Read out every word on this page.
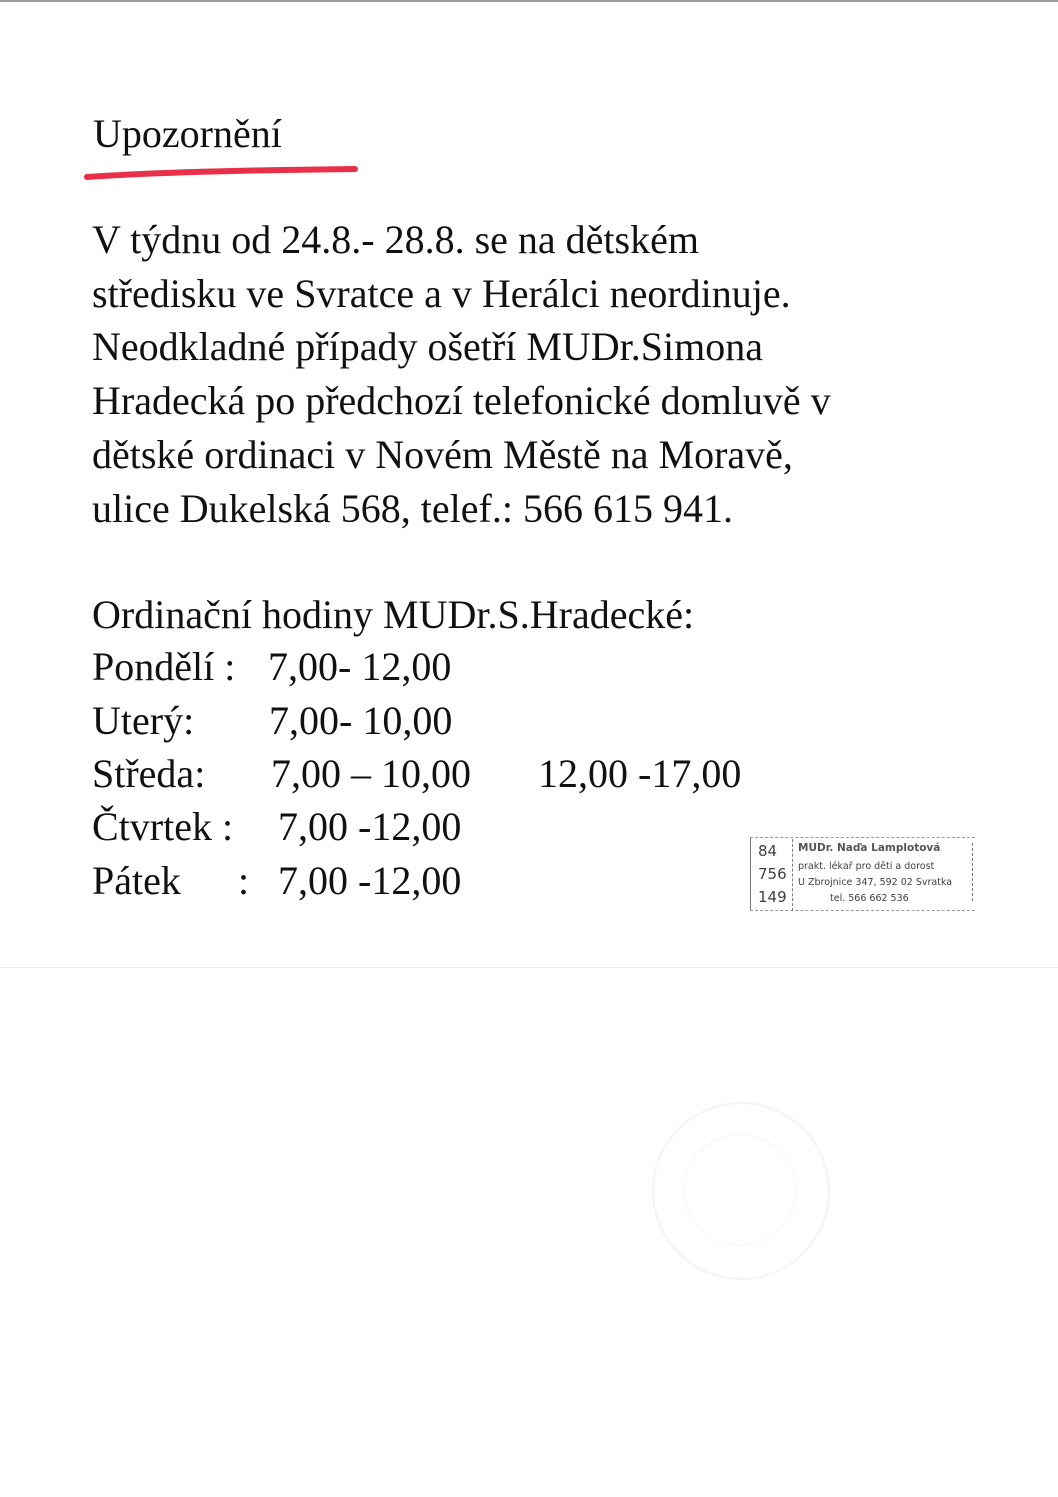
Upozornění
V týdnu od 24.8.- 28.8. se na dětském
středisku ve Svratce a v Herálci neordinuje.
Neodkladné případy ošetří MUDr.Simona
Hradecká po předchozí telefonické domluvě v
dětské ordinaci v Novém Městě na Moravě,
ulice Dukelská 568, telef.: 566 615 941.
Ordinační hodiny MUDr.S.Hradecké:
Pondělí : 7,00- 12,00
Uterý: 7,00- 10,00
Středa: 7,00 – 10,00 12,00 -17,00
Čtvrtek : 7,00 -12,00
Pátek : 7,00 -12,00
84
756
149
MUDr. Naďa Lamplotová
prakt. lékař pro děti a dorost
U Zbrojnice 347, 592 02 Svratka
tel. 566 662 536
